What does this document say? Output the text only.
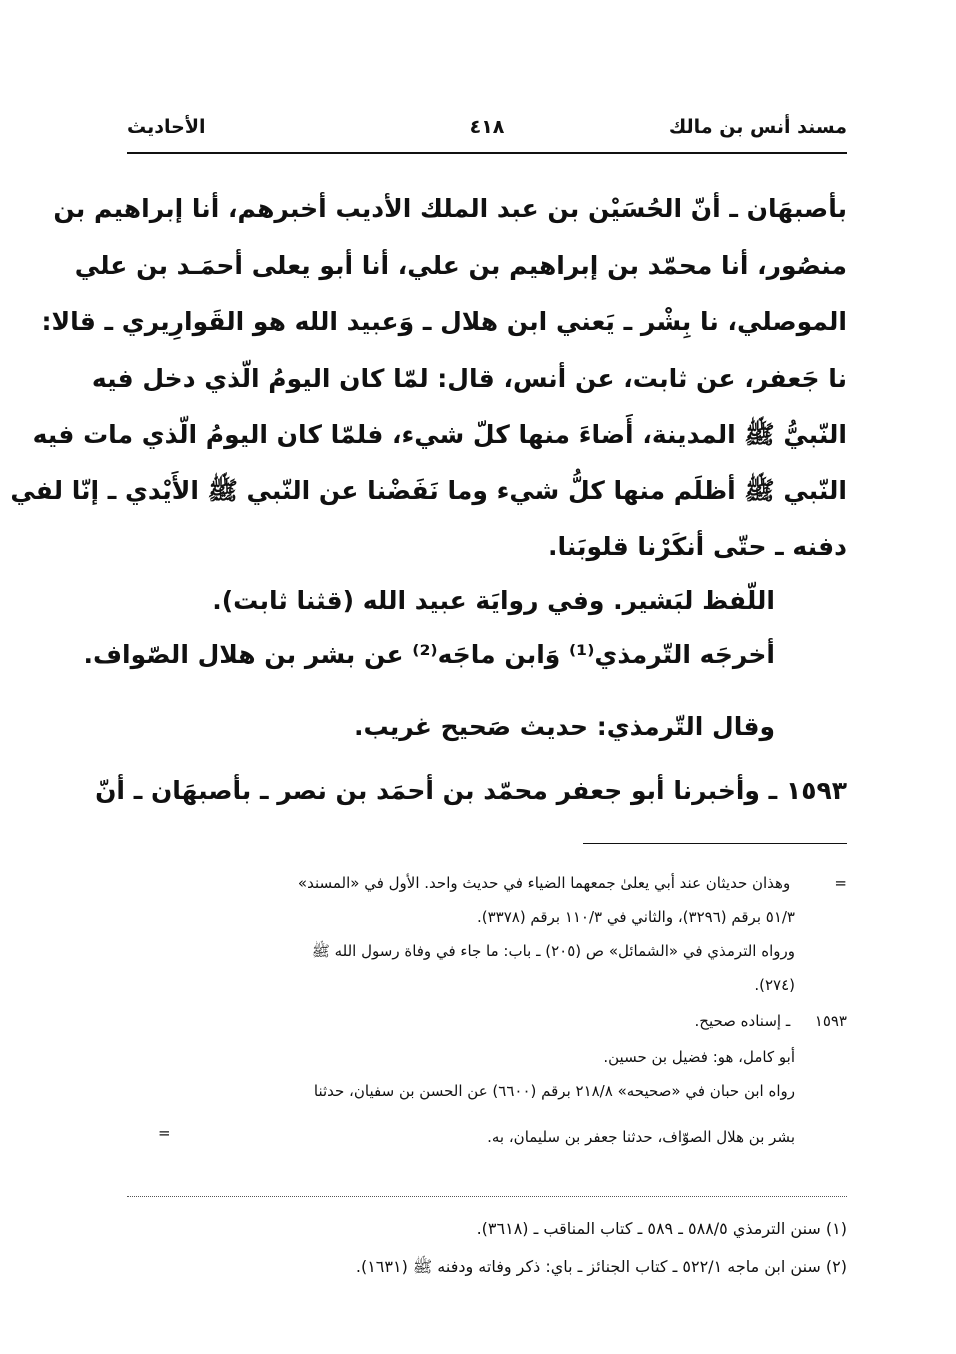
مسند أنس بن مالك
٤١٨
الأحاديث
بأصبهَان ـ أنّ الحُسَيْن بن عبد الملك الأديب أخبرهم، أنا إبراهيم بن
منصُور، أنا محمّد بن إبراهيم بن علي، أنا أبو يعلى أحمَـد بن علي
الموصلي، نا بِشْر ـ يَعني ابن هلال ـ وَعبيد الله هو القَوارِيري ـ قالا:
نا جَعفر، عن ثابت، عن أنس، قال: لمّا كان اليومُ الّذي دخل فيه
النّبيُّ ﷺ المدينة، أَضاءَ منها كلّ شيء، فلمّا كان اليومُ الّذي مات فيه
النّبي ﷺ أظلَم منها كلُّ شيء وما نَفَضْنا عن النّبي ﷺ الأَيْدي ـ إنّا لفي
دفنه ـ حتّى أنكَرْنا قلوبَنا.
اللّفظ لبَشير. وفي روايَة عبيد الله (قثنا ثابت).
أخرجَه التّرمذي⁽¹⁾ وَابن ماجَه⁽²⁾ عن بشر بن هلال الصّواف.
وقال التّرمذي: حديث صَحيح غريب.
١٥٩٣ ـ وأخبرنا أبو جعفر محمّد بن أحمَد بن نصر ـ بأصبهَان ـ أنّ
= وهذان حديثان عند أبي يعلىٰ جمعهما الضياء في حديث واحد. الأول في «المسند»
٥١/٣ برقم (٣٢٩٦)، والثاني في ١١٠/٣ برقم (٣٣٧٨).
ورواه الترمذي في «الشمائل» ص (٢٠٥) ـ باب: ما جاء في وفاة رسول الله ﷺ
(٢٧٤).
١٥٩٣ ـ إسناده صحيح.
أبو كامل، هو: فضيل بن حسين.
رواه ابن حبان في «صحيحه» ٢١٨/٨ برقم (٦٦٠٠) عن الحسن بن سفيان، حدثنا
بشر بن هلال الصوّاف، حدثنا جعفر بن سليمان، به.
=
(١) سنن الترمذي ٥٨٨/٥ ـ ٥٨٩ ـ كتاب المناقب ـ (٣٦١٨).
(٢) سنن ابن ماجه ٥٢٢/١ ـ كتاب الجنائز ـ باي: ذكر وفاته ودفنه ﷺ (١٦٣١).
